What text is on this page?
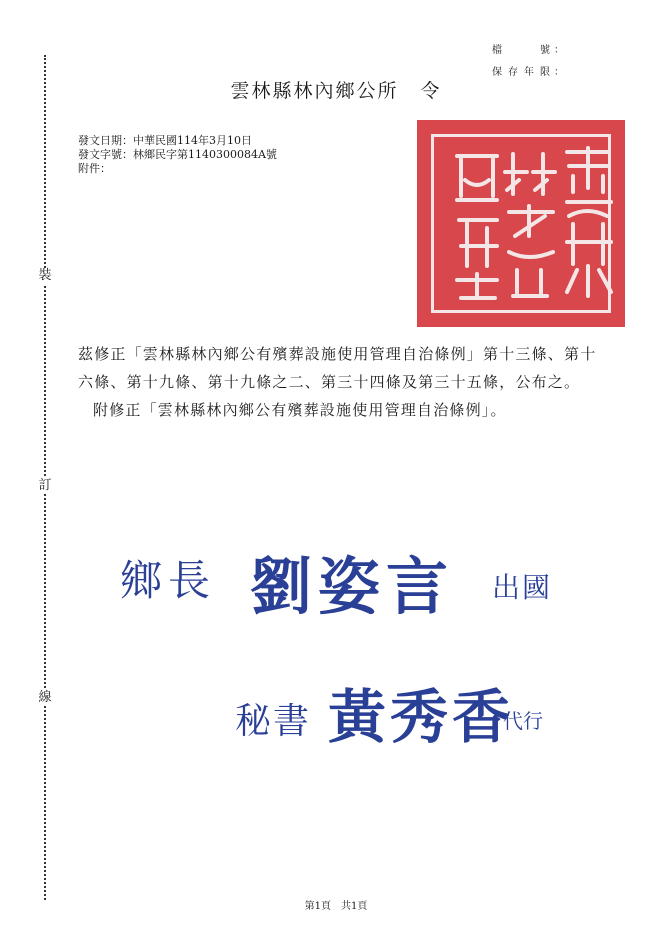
裝
訂
線
檔　　號 ：
保存年限 ：
雲林縣林內鄉公所 令
發文日期： 中華民國114年3月10日
發文字號： 林鄉民字第1140300084A號
附件：

茲修正「雲林縣林內鄉公有殯葬設施使用管理自治條例」第十三條、第十六條、第十九條、第十九條之二、第三十四條及第三十五條，公布之。

附修正「雲林縣林內鄉公有殯葬設施使用管理自治條例」。

鄉長 劉姿言 出國
秘書 黃秀香
代行
第1頁 共1頁
